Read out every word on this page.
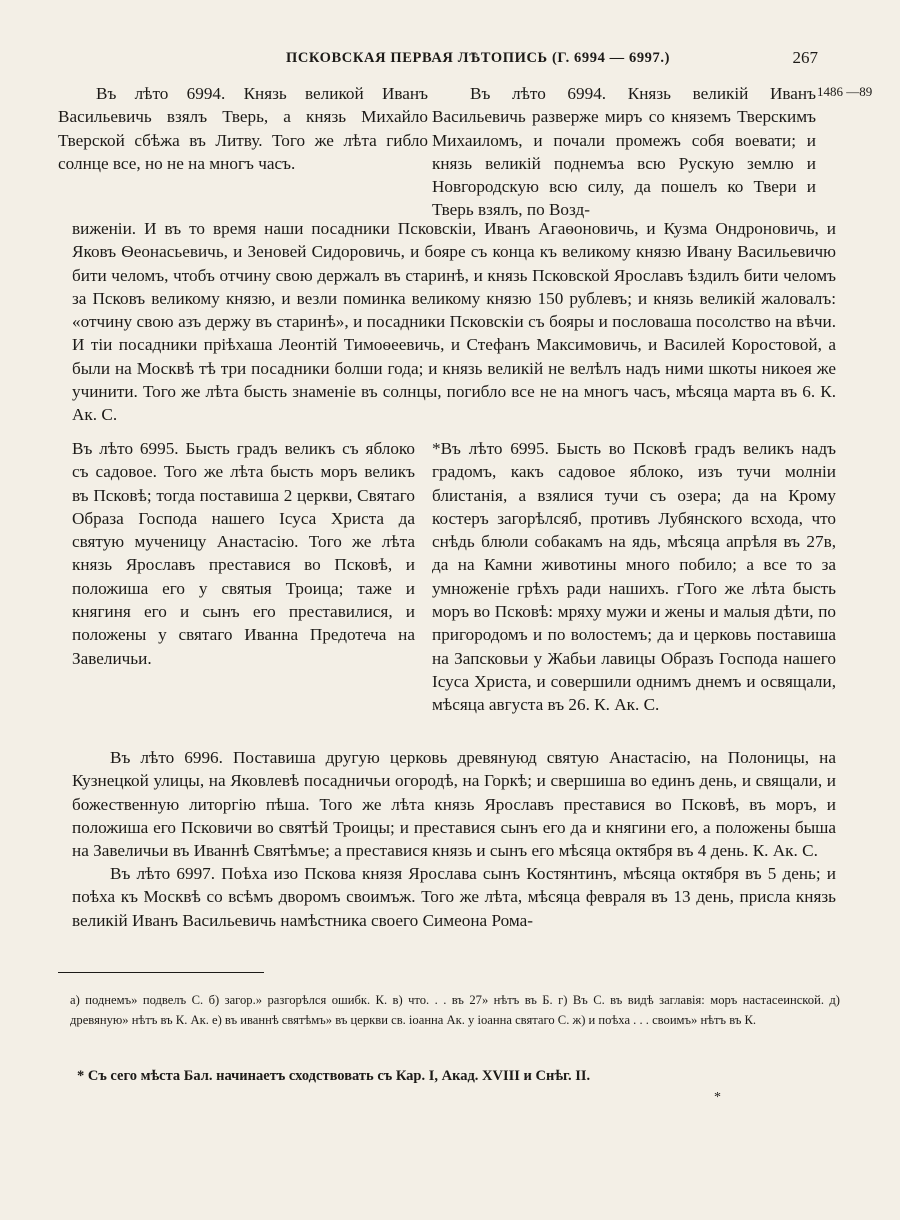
ПСКОВСКАЯ ПЕРВАЯ ЛѢТОПИСЬ (Г. 6994 — 6997.)	267
1486 —89
Въ лѣто 6994. Князь великой Иванъ Васильевичь взялъ Тверь, а князь Михайло Тверской сбѣжа въ Литву. Того же лѣта гибло солнце все, но не на многъ часъ.
Въ лѣто 6994. Князь великій Иванъ Васильевичь разверже миръ со княземъ Тверскимъ Михаиломъ, и почали промежъ собя воевати; и князь великій поднемъа всю Рускую землю и Новгородскую всю силу, да пошелъ ко Твери и Тверь взялъ, по Возд-
Въ лѣто 6995. Бысть градъ великъ съ яблоко съ садовое. Того же лѣта бысть моръ великъ въ Псковѣ; тогда поставиша 2 церкви, Святаго Образа Господа нашего Ісуса Христа да святую мученицу Анастасію. Того же лѣта князь Ярославъ преставися во Псковѣ, и положиша его у святыя Троица; таже и княгиня его и сынъ его преставилися, и положены у святаго Иванна Предотеча на Завеличьи.
*Въ лѣто 6995. Бысть во Псковѣ градъ великъ надъ градомъ, какъ садовое яблоко, изъ тучи молніи блистанія, а взялися тучи съ озера; да на Крому костеръ загорѣлсяб, противъ Лубянского всхода, что снѣдь блюли собакамъ на ядь, мѣсяца апрѣля въ 27в, да на Камни животины много побило; а все то за умноженіе грѣхъ ради нашихъ. гТого же лѣта бысть моръ во Псковѣ: мряху мужи и жены и малыя дѣти, по пригородомъ и по волостемъ; да и церковь поставиша на Запсковьи у Жабьи лавицы Образъ Господа нашего Ісуса Христа, и совершили однимъ днемъ и освящали, мѣсяца августа въ 26. К. Ак. С.
Въ лѣто 6996. Поставиша другую церковь древянуюд святую Анастасію, на Полоницы, на Кузнецкой улицы, на Яковлевѣ посадничьи огородѣ, на Горкѣ; и свершиша во единъ день, и свящали, и божественную литоргію пѣша. Того же лѣта князь Ярославъ преставися во Псковѣ, въ моръ, и положиша его Псковичи во святѣй Троицы; и преставися сынъ его да и княгини его, а положены быша на Завеличьи въ Иваннѣ Святѣмъе; а преставися князь и сынъ его мѣсяца октября въ 4 день. К. Ак. С.
Въ лѣто 6997. Поѣха изо Пскова князя Ярослава сынъ Костянтинъ, мѣсяца октября въ 5 день; и поѣха къ Москвѣ со всѣмъ дворомъ своимъж. Того же лѣта, мѣсяца февраля въ 13 день, присла князь великій Иванъ Васильевичь намѣстника своего Симеона Рома-
а) поднемъ» подвелъ С. б) загор.» разгорѣлся ошибк. К. в) что. . . въ 27» нѣтъ въ Б. г) Въ С. въ видѣ заглавія: моръ настасеинской. д) древяную» нѣтъ въ К. Ак. е) въ иваннѣ святѣмъ» въ церкви св. іоанна Ак. у іоанна святаго С. ж) и поѣха . . . своимъ» нѣтъ въ К.
* Съ сего мѣста Бал. начинаетъ сходствовать съ Кар. I, Акад. XVIII и Снѣг. II.
*
виженіи. И въ то время наши посадники Псковскіи, Иванъ Агаѳоновичь, и Кузма Ондроновичь, и Яковъ Ѳеонасьевичь, и Зеновей Сидоровичь, и бояре съ конца къ великому князю Ивану Васильевичю бити челомъ, чтобъ отчину свою держалъ въ старинѣ, и князь Псковской Ярославъ ѣздилъ бити челомъ за Псковъ великому князю, и везли поминка великому князю 150 рублевъ; и князь великій жаловалъ: «отчину свою азъ держу въ старинѣ», и посадники Псковскіи съ бояры и пословаша посолство на вѣчи. И тіи посадники пріѣхаша Леонтій Тимоѳеевичь, и Стефанъ Максимовичь, и Василей Коростовой, а были на Москвѣ тѣ три посадники болши года; и князь великій не велѣлъ надъ ними шкоты никоея же учинити. Того же лѣта бысть знаменіе въ солнцы, погибло все не на многъ часъ, мѣсяца марта въ 6. К. Ак. С.
